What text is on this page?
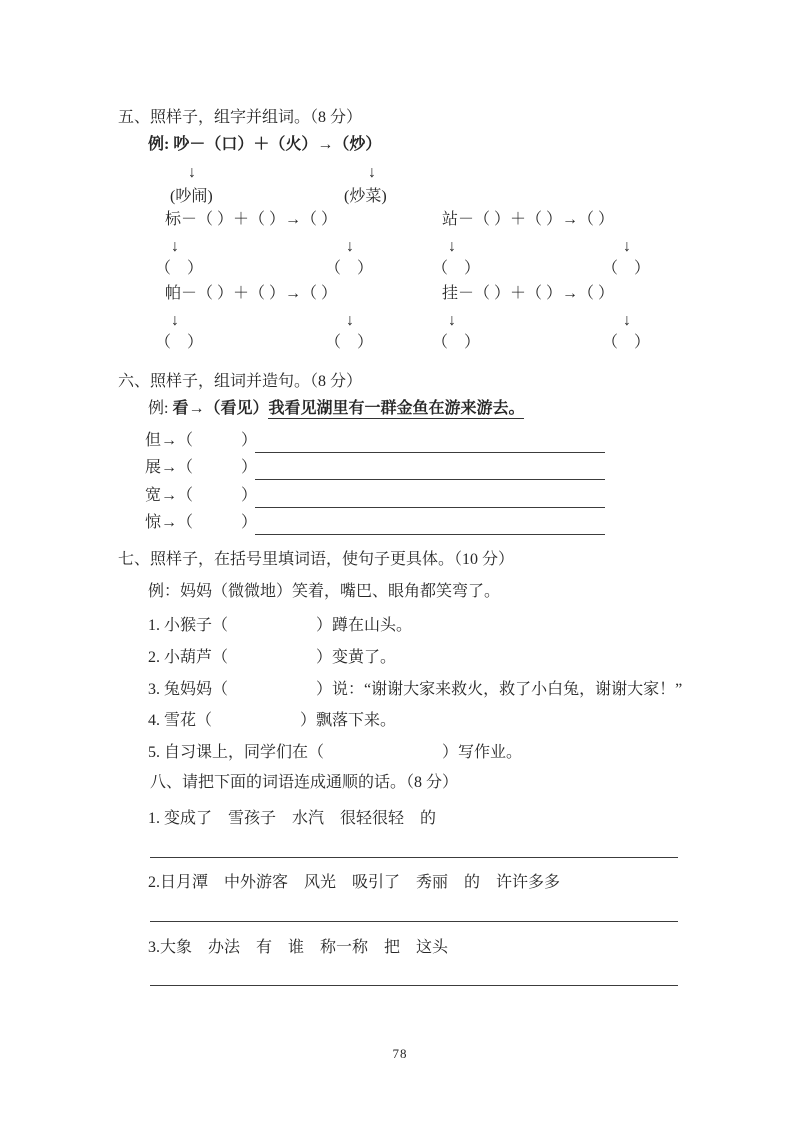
五、照样子，组字并组词。（8 分）
例: 吵－（口）＋（火）→（炒）
↓	↓
(吵闹)	(炒菜)
标－（ ）＋（ ）→（ ）
↓	↓
（　）	（　）
站－（ ）＋（ ）→（ ）
↓	↓
（　）	（　）
帕－（ ）＋（ ）→（ ）
↓	↓
（　）	（　）
挂－（ ）＋（ ）→（ ）
↓	↓
（　）	（　）
六、照样子，组词并造句。（8 分）
例: 看→（看见）我看见湖里有一群金鱼在游来游去。
但→（　　　）
展→（　　　）
宽→（　　　）
惊→（　　　）
七、照样子，在括号里填词语，使句子更具体。（10 分）
例：妈妈（微微地）笑着，嘴巴、眼角都笑弯了。
1. 小猴子（	）蹲在山头。
2. 小葫芦（	）变黄了。
3. 兔妈妈（	）说：“谢谢大家来救火，救了小白兔，谢谢大家！”
4. 雪花（	）飘落下来。
5. 自习课上，同学们在（	）写作业。
八、请把下面的词语连成通顺的话。（8 分）
1. 变成了　雪孩子　水汽　很轻很轻　的
2.日月潭　中外游客　风光　吸引了　秀丽　的　许许多多
3.大象　办法　有　谁　称一称　把　这头
78
